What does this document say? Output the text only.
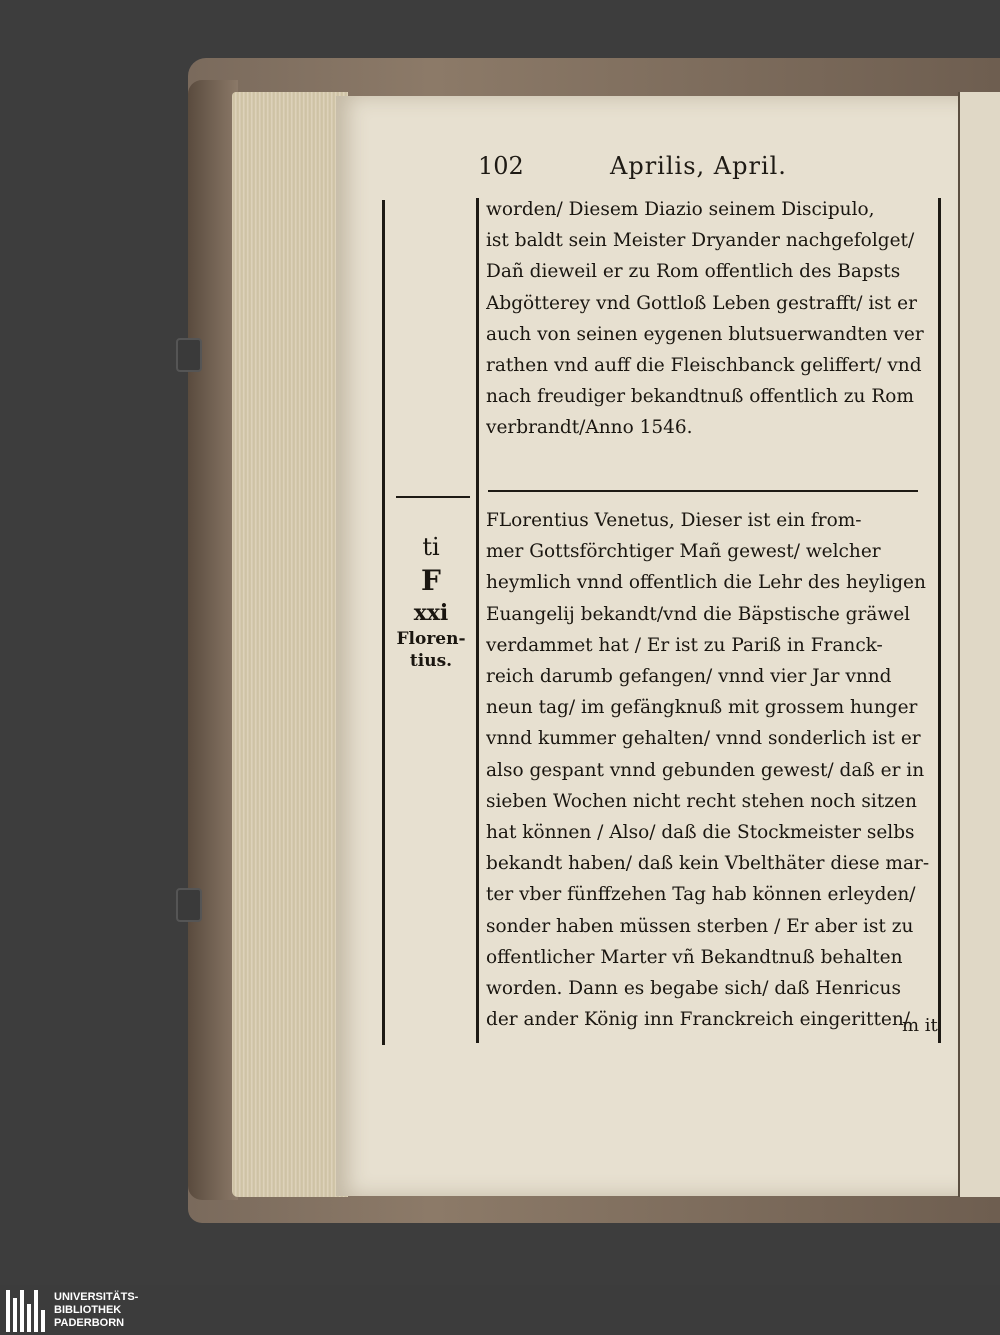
102	Aprilis, April.
worden/ Diesem Diazio seinem Discipulo,
ist baldt sein Meister Dryander nachgefolget/
Dañ dieweil er zu Rom offentlich des Bapsts
Abgötterey vnd Gottloß Leben gestrafft/ ist er
auch von seinen eygenen blutsuerwandten ver
rathen vnd auff die Fleischbanck geliffert/ vnd
nach freudiger bekandtnuß offentlich zu Rom
verbrandt/Anno 1546.
ti
F
xxi
Floren-
tius.
FLorentius Venetus, Dieser ist ein from-
mer Gottsförchtiger Mañ gewest/ welcher
heymlich vnnd offentlich die Lehr des heyligen
Euangelij bekandt/vnd die Bäpstische gräwel
verdammet hat / Er ist zu Pariß in Franck-
reich darumb gefangen/ vnnd vier Jar vnnd
neun tag/ im gefängknuß mit grossem hunger
vnnd kummer gehalten/ vnnd sonderlich ist er
also gespant vnnd gebunden gewest/ daß er in
sieben Wochen nicht recht stehen noch sitzen
hat können / Also/ daß die Stockmeister selbs
bekandt haben/ daß kein Vbelthäter diese mar-
ter vber fünffzehen Tag hab können erleyden/
sonder haben müssen sterben / Er aber ist zu
offentlicher Marter vñ Bekandtnuß behalten
worden. Dann es begabe sich/ daß Henricus
der ander König inn Franckreich eingeritten/
m it
UNIVERSITÄTS-
BIBLIOTHEK
PADERBORN
